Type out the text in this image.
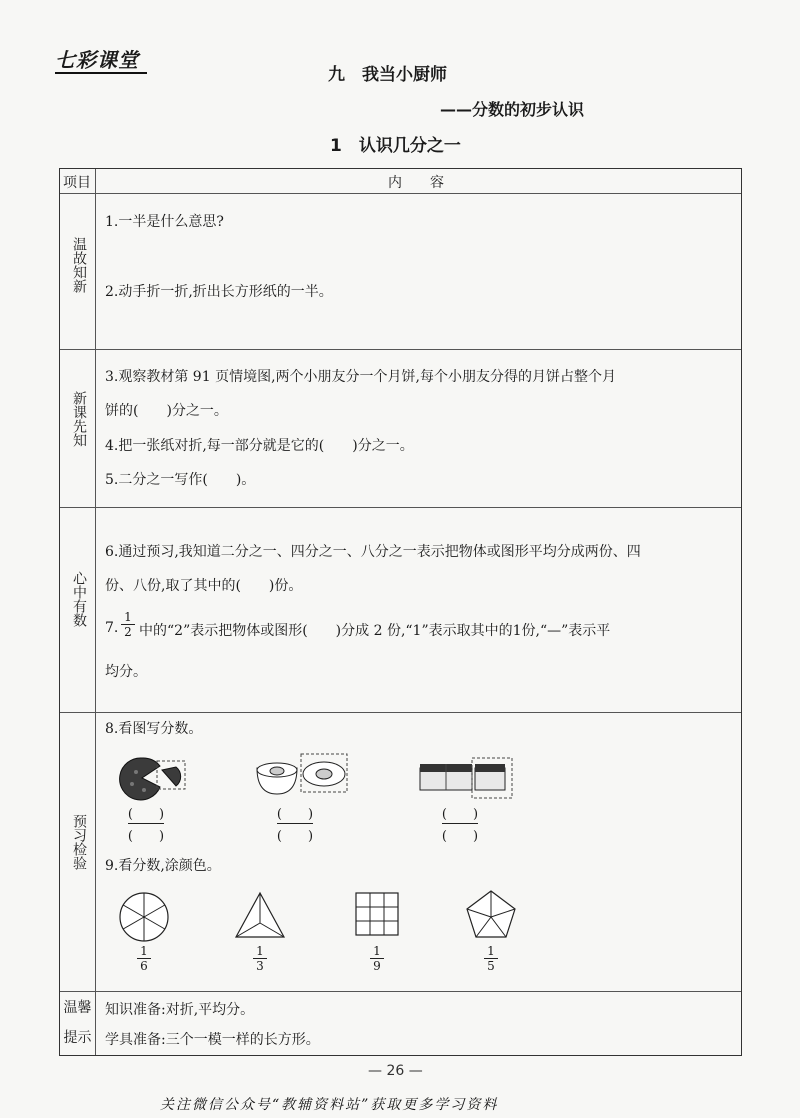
七彩课堂
九　我当小厨师
——分数的初步认识
1　认识几分之一
项目	内　　容
温故知新
新课先知
心中有数
预习检验
温馨
提示
1.一半是什么意思?
2.动手折一折,折出长方形纸的一半。
3.观察教材第 91 页情境图,两个小朋友分一个月饼,每个小朋友分得的月饼占整个月
饼的(　　)分之一。
4.把一张纸对折,每一部分就是它的(　　)分之一。
5.二分之一写作(　　)。
6.通过预习,我知道二分之一、四分之一、八分之一表示把物体或图形平均分成两份、四
份、八份,取了其中的(　　)份。
7.
1
2 中的“2”表示把物体或图形(　　)分成 2 份,“1”表示取其中的1份,“—”表示平
均分。
8.看图写分数。
(　　)
(　　)
(　　)
(　　)
(　　)
(　　)
9.看分数,涂颜色。
1
6
1
3
1
9
1
5
知识准备:对折,平均分。
学具准备:三个一模一样的长方形。
— 26 —
关注微信公众号“教辅资料站”获取更多学习资料
